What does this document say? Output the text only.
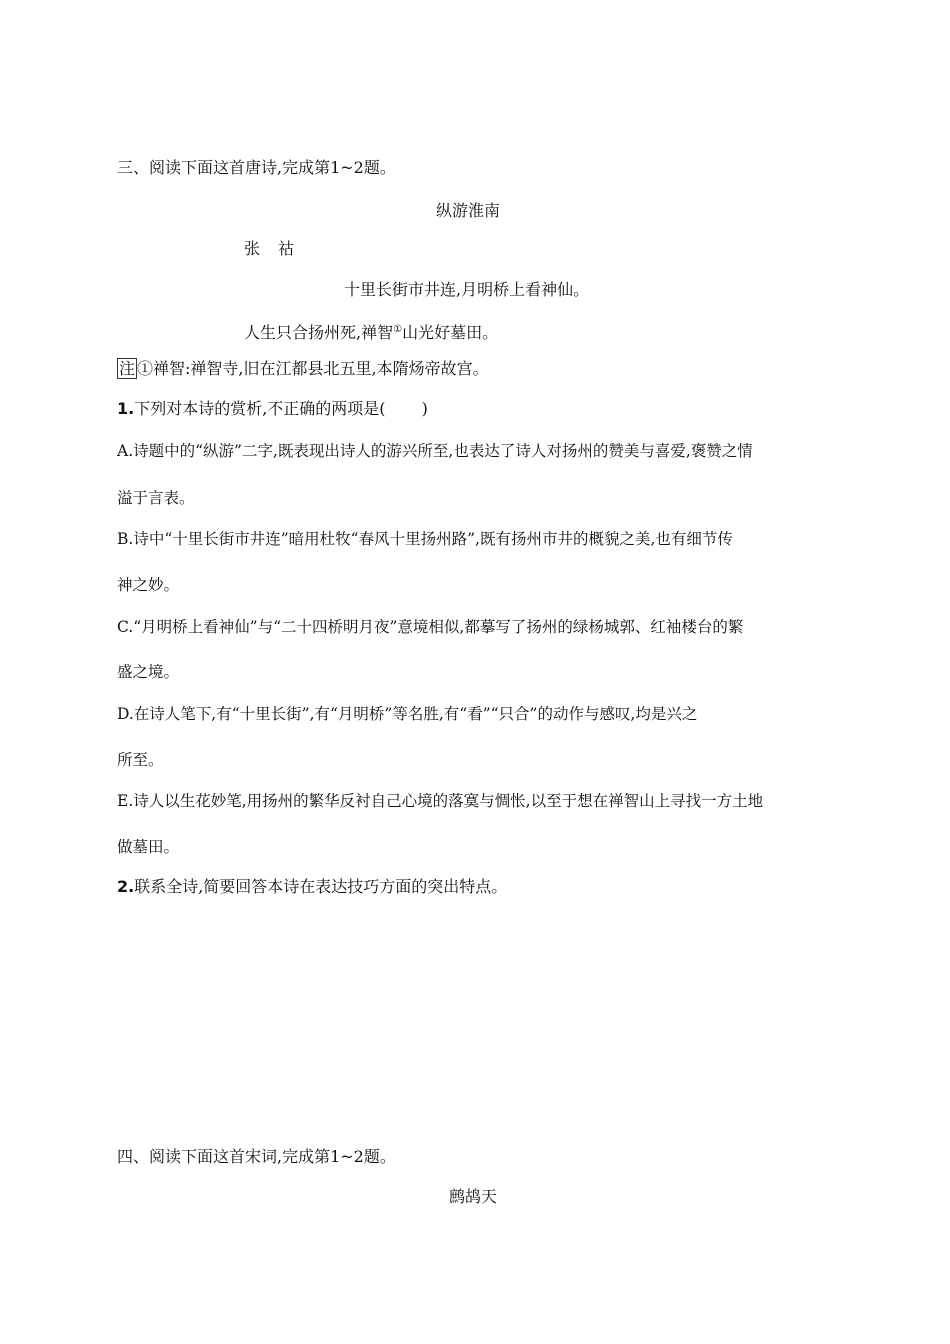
三、阅读下面这首唐诗,完成第1~2题。
纵游淮南
张 祜
十里长街市井连,月明桥上看神仙。
人生只合扬州死,禅智①山光好墓田。
注 ①禅智:禅智寺,旧在江都县北五里,本隋炀帝故宫。
1.下列对本诗的赏析,不正确的两项是( )
A.诗题中的“纵游”二字,既表现出诗人的游兴所至,也表达了诗人对扬州的赞美与喜爱,褒赞之情
溢于言表。
B.诗中“十里长街市井连”暗用杜牧“春风十里扬州路”,既有扬州市井的概貌之美,也有细节传
神之妙。
C.“月明桥上看神仙”与“二十四桥明月夜”意境相似,都摹写了扬州的绿杨城郭、红袖楼台的繁
盛之境。
D.在诗人笔下,有“十里长街”,有“月明桥”等名胜,有“看”“只合”的动作与感叹,均是兴之
所至。
E.诗人以生花妙笔,用扬州的繁华反衬自己心境的落寞与惆怅,以至于想在禅智山上寻找一方土地
做墓田。
2.联系全诗,简要回答本诗在表达技巧方面的突出特点。
四、阅读下面这首宋词,完成第1~2题。
鹧鸪天
